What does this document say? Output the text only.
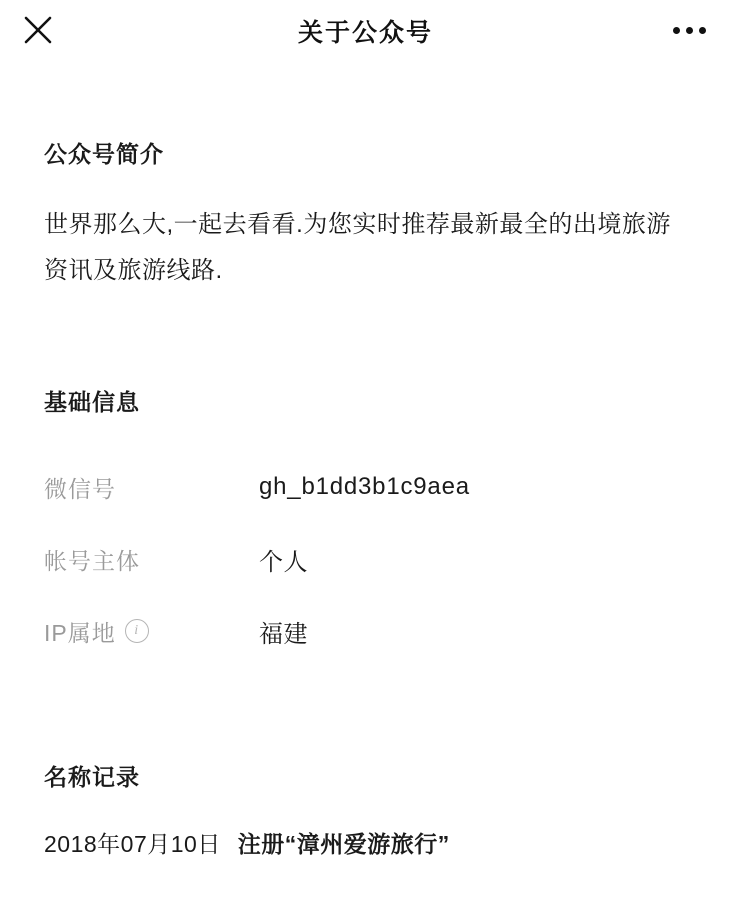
关于公众号
公众号简介
世界那么大,一起去看看.为您实时推荐最新最全的出境旅游资讯及旅游线路.
基础信息
微信号	gh_b1dd3b1c9aea
帐号主体	个人
IP属地	i	福建
名称记录
2018年07月10日 注册“漳州爱游旅行”
